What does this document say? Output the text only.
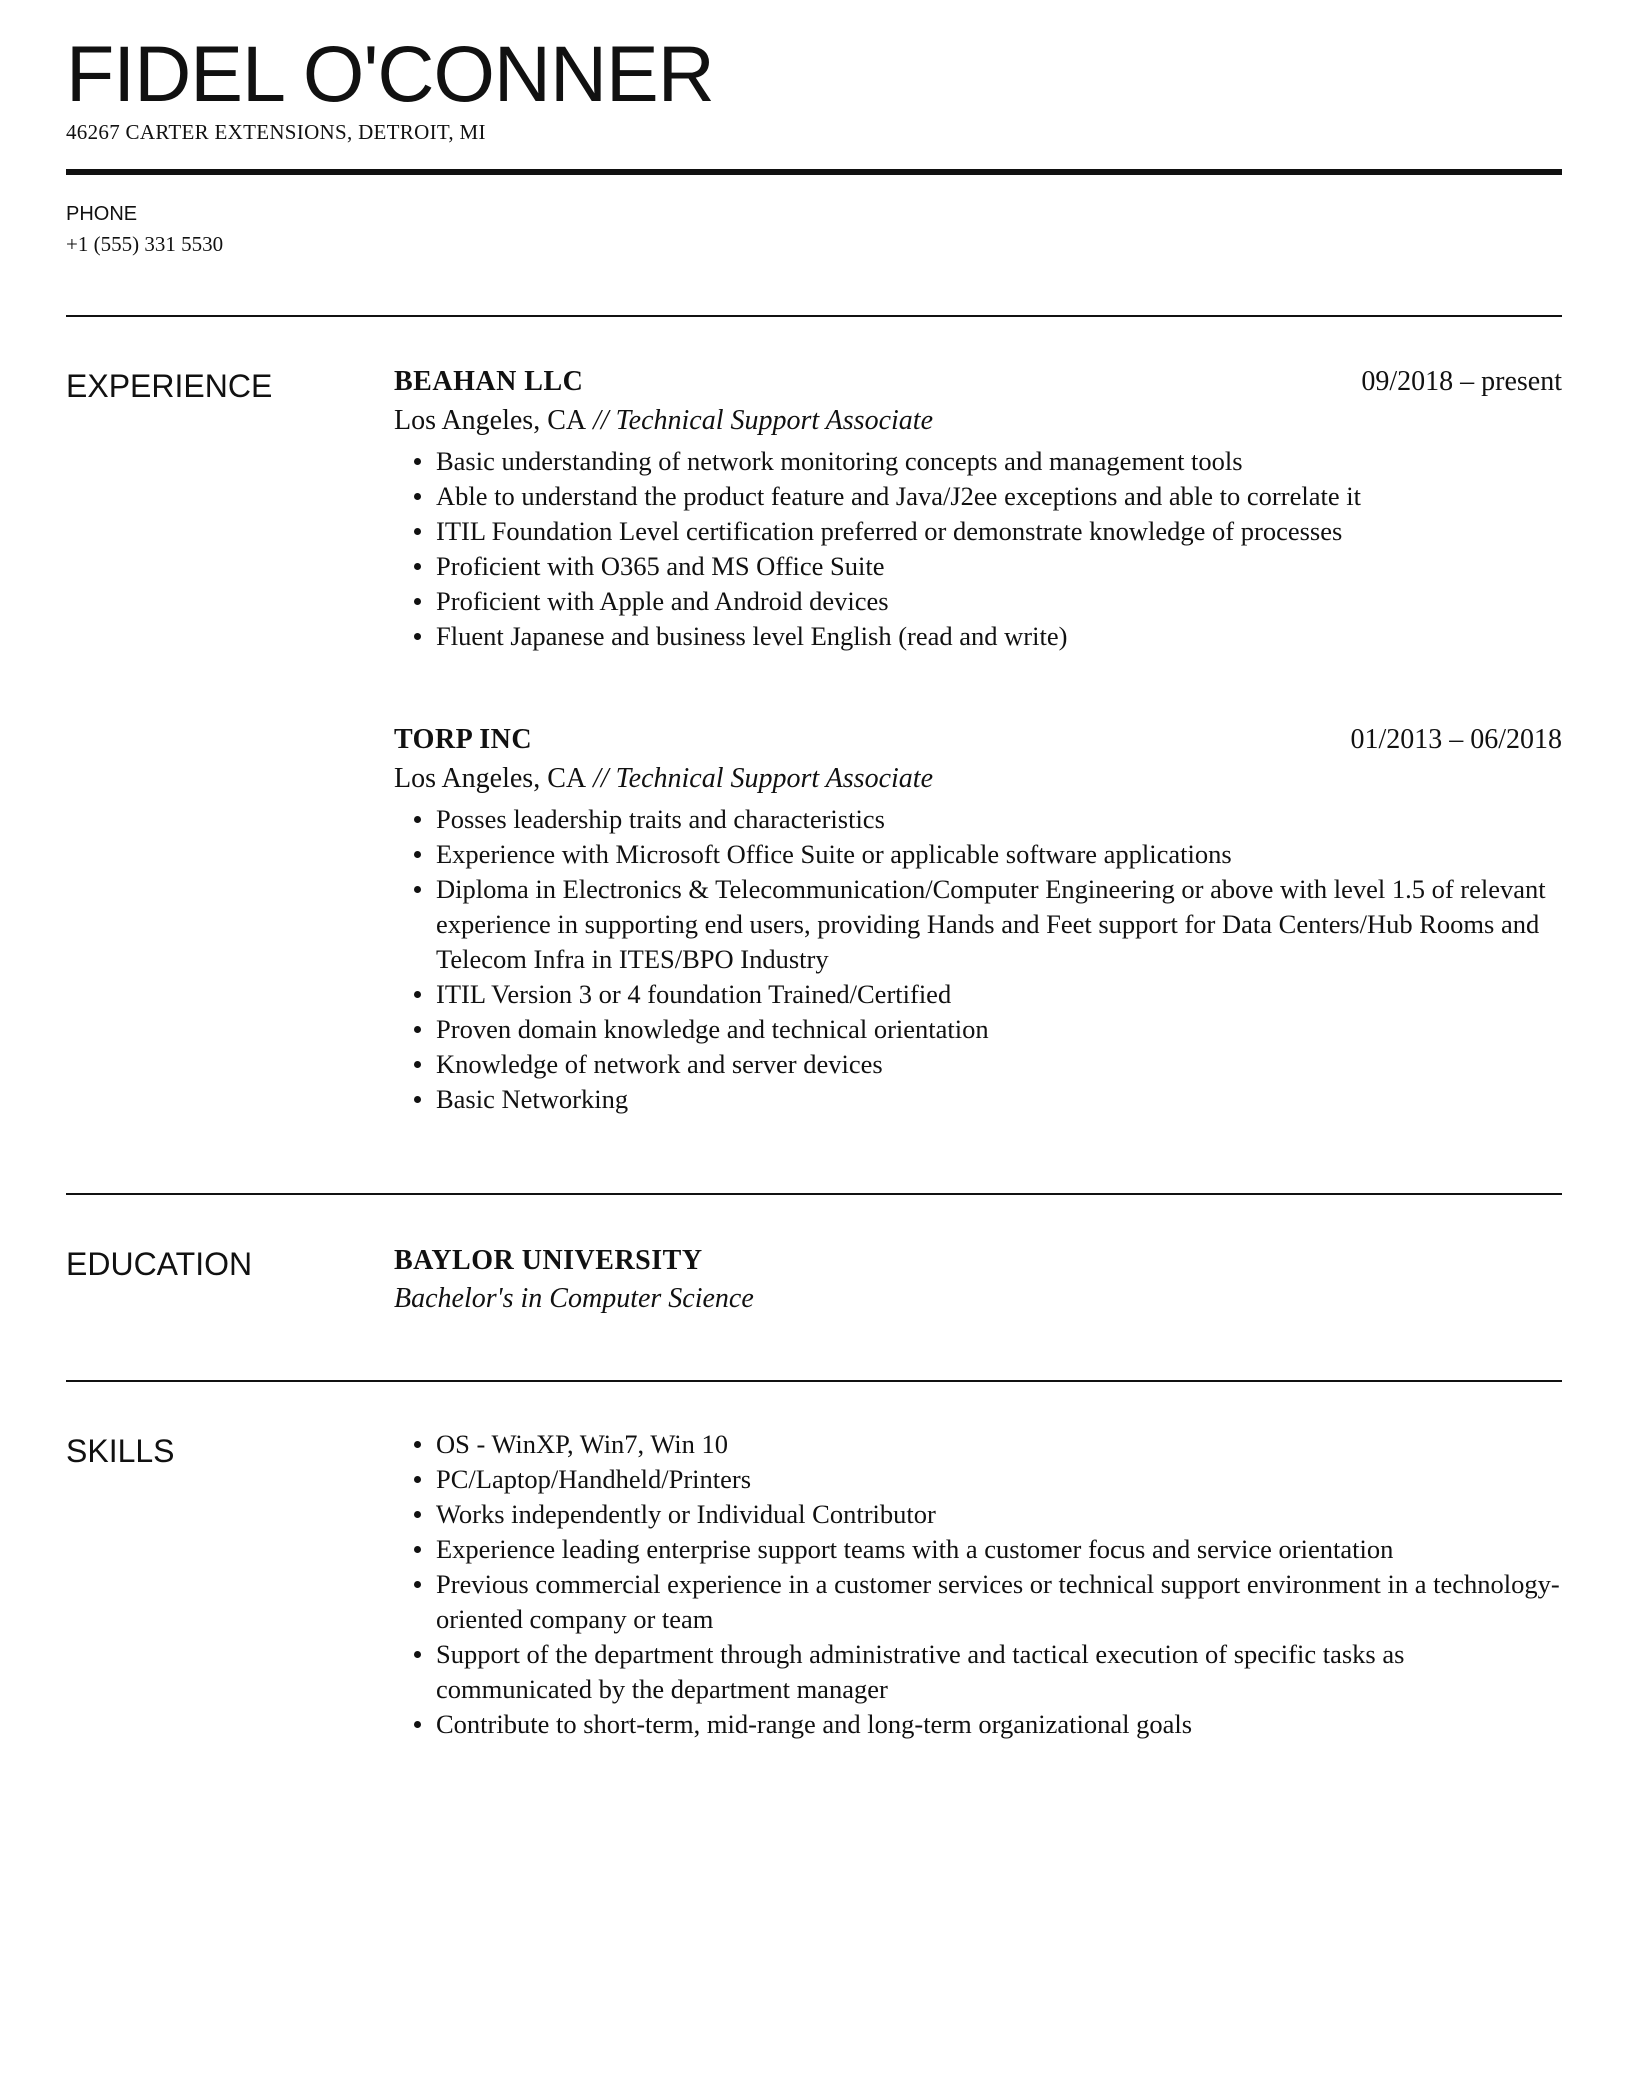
FIDEL O'CONNER
46267 CARTER EXTENSIONS, DETROIT, MI
PHONE
+1 (555) 331 5530
EXPERIENCE	BEAHAN LLC	09/2018 – present
Los Angeles, CA // Technical Support Associate
Basic understanding of network monitoring concepts and management tools
Able to understand the product feature and Java/J2ee exceptions and able to correlate it
ITIL Foundation Level certification preferred or demonstrate knowledge of processes
Proficient with O365 and MS Office Suite
Proficient with Apple and Android devices
Fluent Japanese and business level English (read and write)
TORP INC	01/2013 – 06/2018
Los Angeles, CA // Technical Support Associate
Posses leadership traits and characteristics
Experience with Microsoft Office Suite or applicable software applications
Diploma in Electronics & Telecommunication/Computer Engineering or above with level 1.5 of relevant experience in supporting end users, providing Hands and Feet support for Data Centers/Hub Rooms and Telecom Infra in ITES/BPO Industry
ITIL Version 3 or 4 foundation Trained/Certified
Proven domain knowledge and technical orientation
Knowledge of network and server devices
Basic Networking
EDUCATION	BAYLOR UNIVERSITY
Bachelor's in Computer Science
SKILLS	OS - WinXP, Win7, Win 10
PC/Laptop/Handheld/Printers
Works independently or Individual Contributor
Experience leading enterprise support teams with a customer focus and service orientation
Previous commercial experience in a customer services or technical support environment in a technology-oriented company or team
Support of the department through administrative and tactical execution of specific tasks as communicated by the department manager
Contribute to short-term, mid-range and long-term organizational goals
